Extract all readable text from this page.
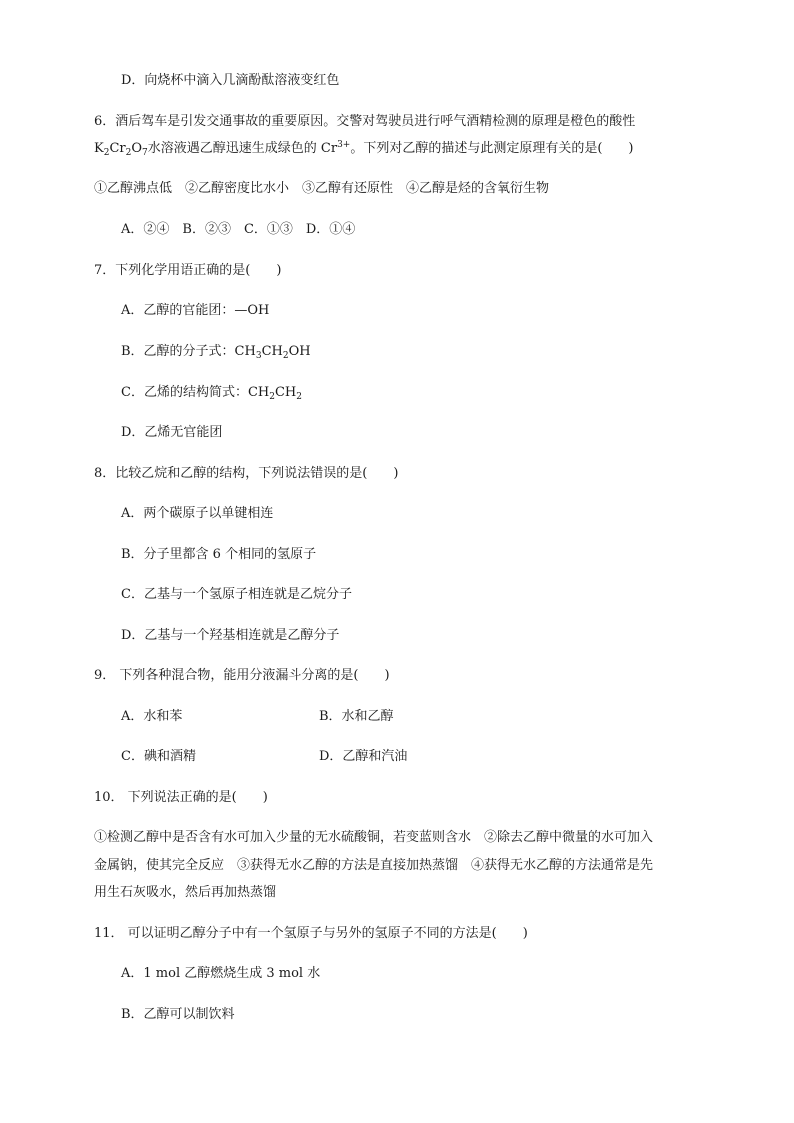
D．向烧杯中滴入几滴酚酞溶液变红色
6．酒后驾车是引发交通事故的重要原因。交警对驾驶员进行呼气酒精检测的原理是橙色的酸性
$K_2Cr_2O_7$水溶液遇乙醇迅速生成绿色的 $Cr^{3+}$。下列对乙醇的描述与此测定原理有关的是(　　)
①乙醇沸点低　②乙醇密度比水小　③乙醇有还原性　④乙醇是烃的含氧衍生物
A．②④　B．②③　C．①③　D．①④
7．下列化学用语正确的是(　　)
A．乙醇的官能团：—OH
B．乙醇的分子式：$CH_3CH_2OH$
C．乙烯的结构简式：$CH_2CH_2$
D．乙烯无官能团
8．比较乙烷和乙醇的结构，下列说法错误的是(　　)
A．两个碳原子以单键相连
B．分子里都含 6 个相同的氢原子
C．乙基与一个氢原子相连就是乙烷分子
D．乙基与一个羟基相连就是乙醇分子
9． 下列各种混合物，能用分液漏斗分离的是(　　)
A．水和苯	B．水和乙醇
C．碘和酒精	D．乙醇和汽油
10． 下列说法正确的是(　　)
①检测乙醇中是否含有水可加入少量的无水硫酸铜，若变蓝则含水　②除去乙醇中微量的水可加入
金属钠，使其完全反应　③获得无水乙醇的方法是直接加热蒸馏　④获得无水乙醇的方法通常是先
用生石灰吸水，然后再加热蒸馏
11． 可以证明乙醇分子中有一个氢原子与另外的氢原子不同的方法是(　　)
A．1 mol 乙醇燃烧生成 3 mol 水
B．乙醇可以制饮料
